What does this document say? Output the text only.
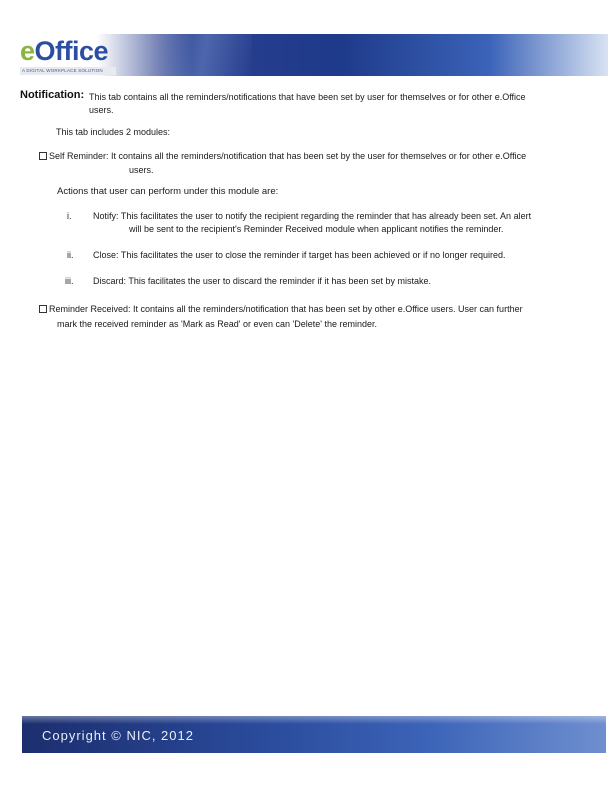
eOffice
A DIGITAL WORKPLACE SOLUTION
Notification: This tab contains all the reminders/notifications that have been set by user for themselves or for other e.Office
users.
This tab includes 2 modules:
Self Reminder: It contains all the reminders/notification that has been set by the user for themselves or for other e.Office
users.
Actions that user can perform under this module are:
i. Notify: This facilitates the user to notify the recipient regarding the reminder that has already been set. An alert
will be sent to the recipient's Reminder Received module when applicant notifies the reminder.
ii. Close: This facilitates the user to close the reminder if target has been achieved or if no longer required.
iii. Discard: This facilitates the user to discard the reminder if it has been set by mistake.
Reminder Received: It contains all the reminders/notification that has been set by other e.Office users. User can further
mark the received reminder as 'Mark as Read' or even can 'Delete' the reminder.
Copyright © NIC, 2012
